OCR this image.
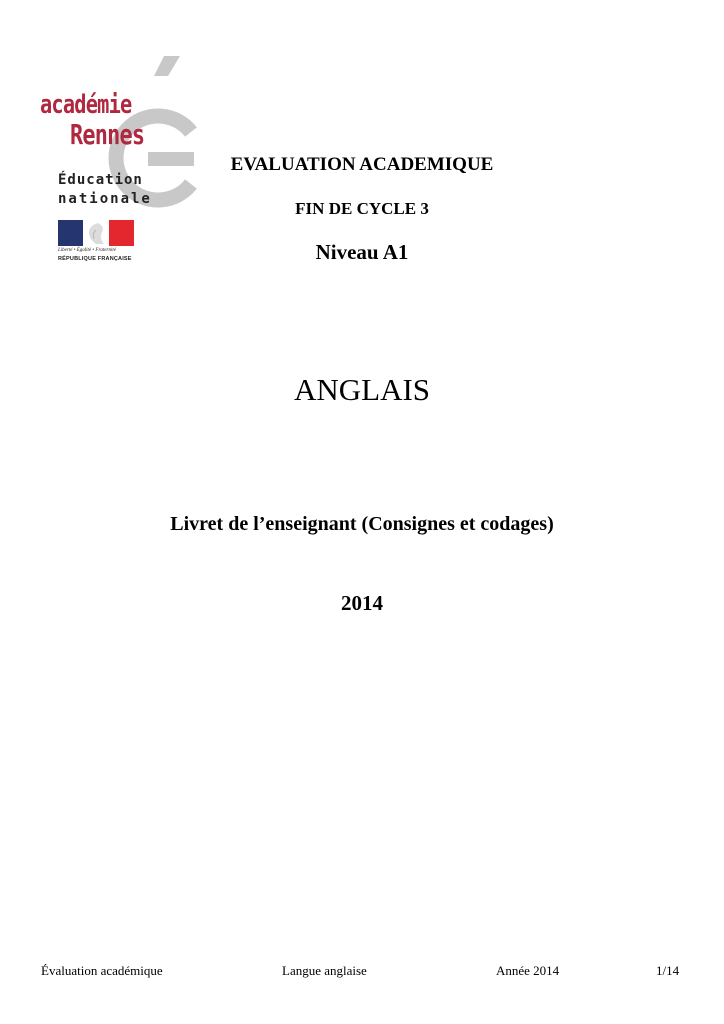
académie
Rennes
Éducation
nationale
Liberté • Égalité • Fraternité
RÉPUBLIQUE FRANÇAISE
EVALUATION ACADEMIQUE
FIN DE CYCLE 3
Niveau A1
ANGLAIS
Livret de l’enseignant (Consignes et codages)
2014
Évaluation académique	Langue anglaise	Année 2014	1/14
